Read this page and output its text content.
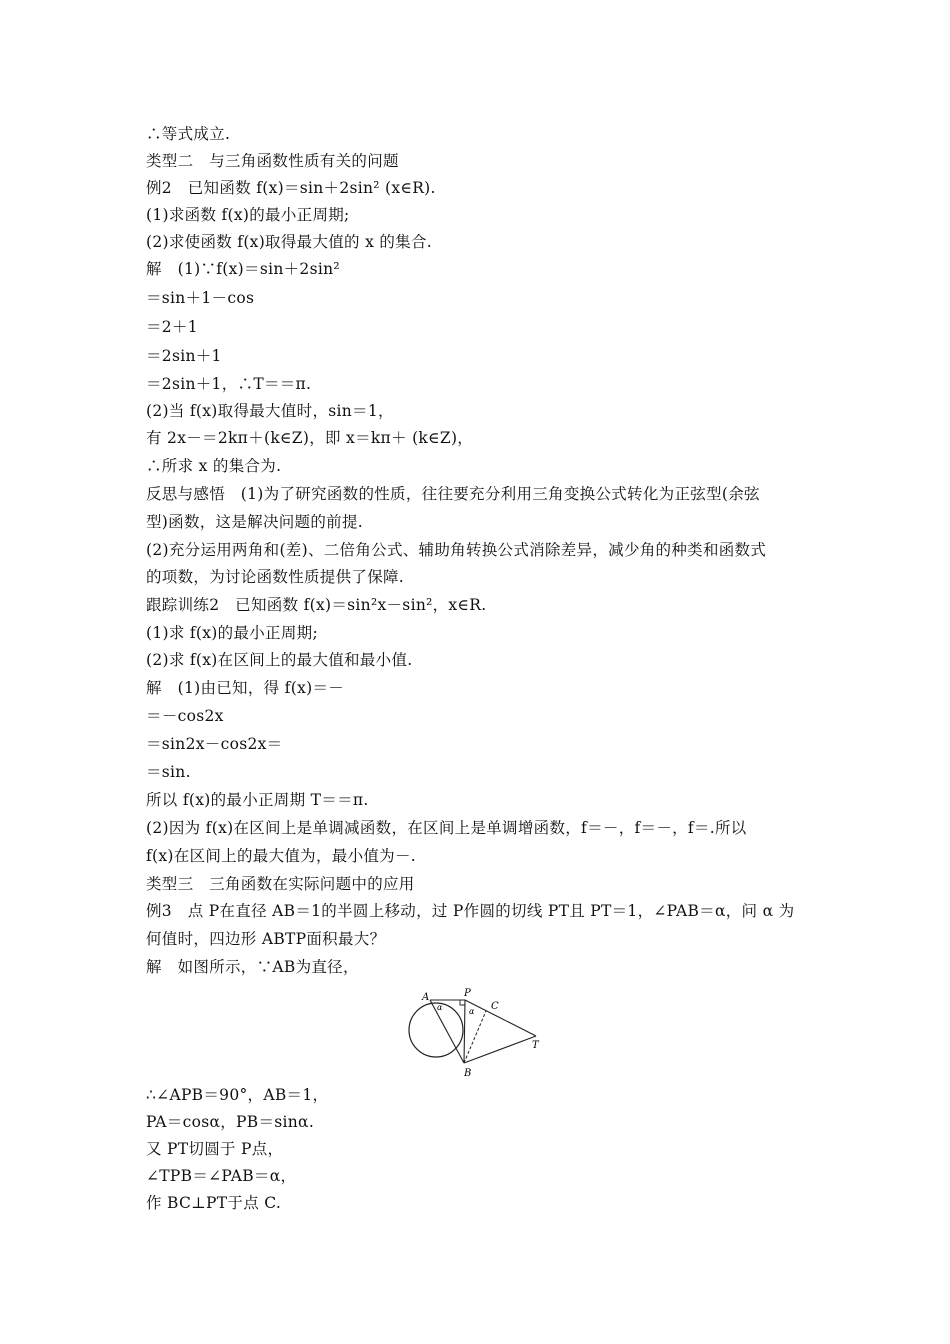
∴等式成立.
类型二　与三角函数性质有关的问题
例2　已知函数 f(x)＝sin＋2sin² (x∈R).
(1)求函数 f(x)的最小正周期;
(2)求使函数 f(x)取得最大值的 x 的集合.
解　(1)∵f(x)＝sin＋2sin²
＝sin＋1－cos
＝2＋1
＝2sin＋1
＝2sin＋1，∴T＝＝π.
(2)当 f(x)取得最大值时，sin＝1，
有 2x－＝2kπ＋(k∈Z)，即 x＝kπ＋ (k∈Z)，
∴所求 x 的集合为.
反思与感悟　(1)为了研究函数的性质，往往要充分利用三角变换公式转化为正弦型(余弦
型)函数，这是解决问题的前提.
(2)充分运用两角和(差)、二倍角公式、辅助角转换公式消除差异，减少角的种类和函数式
的项数，为讨论函数性质提供了保障.
跟踪训练2　已知函数 f(x)＝sin²x－sin²，x∈R.
(1)求 f(x)的最小正周期;
(2)求 f(x)在区间上的最大值和最小值.
解　(1)由已知，得 f(x)＝－
＝－cos2x
＝sin2x－cos2x＝
＝sin.
所以 f(x)的最小正周期 T＝＝π.
(2)因为 f(x)在区间上是单调减函数，在区间上是单调增函数，f＝－，f＝－，f＝.所以
f(x)在区间上的最大值为，最小值为－.
类型三　三角函数在实际问题中的应用
例3　点 P在直径 AB＝1的半圆上移动，过 P作圆的切线 PT且 PT＝1，∠PAB＝α，问 α 为
何值时，四边形 ABTP面积最大？
解　如图所示，∵AB为直径，
A	P
C
T
B
α	α
∴∠APB＝90°，AB＝1，
PA＝cosα，PB＝sinα.
又 PT切圆于 P点，
∠TPB＝∠PAB＝α，
作 BC⊥PT于点 C.
